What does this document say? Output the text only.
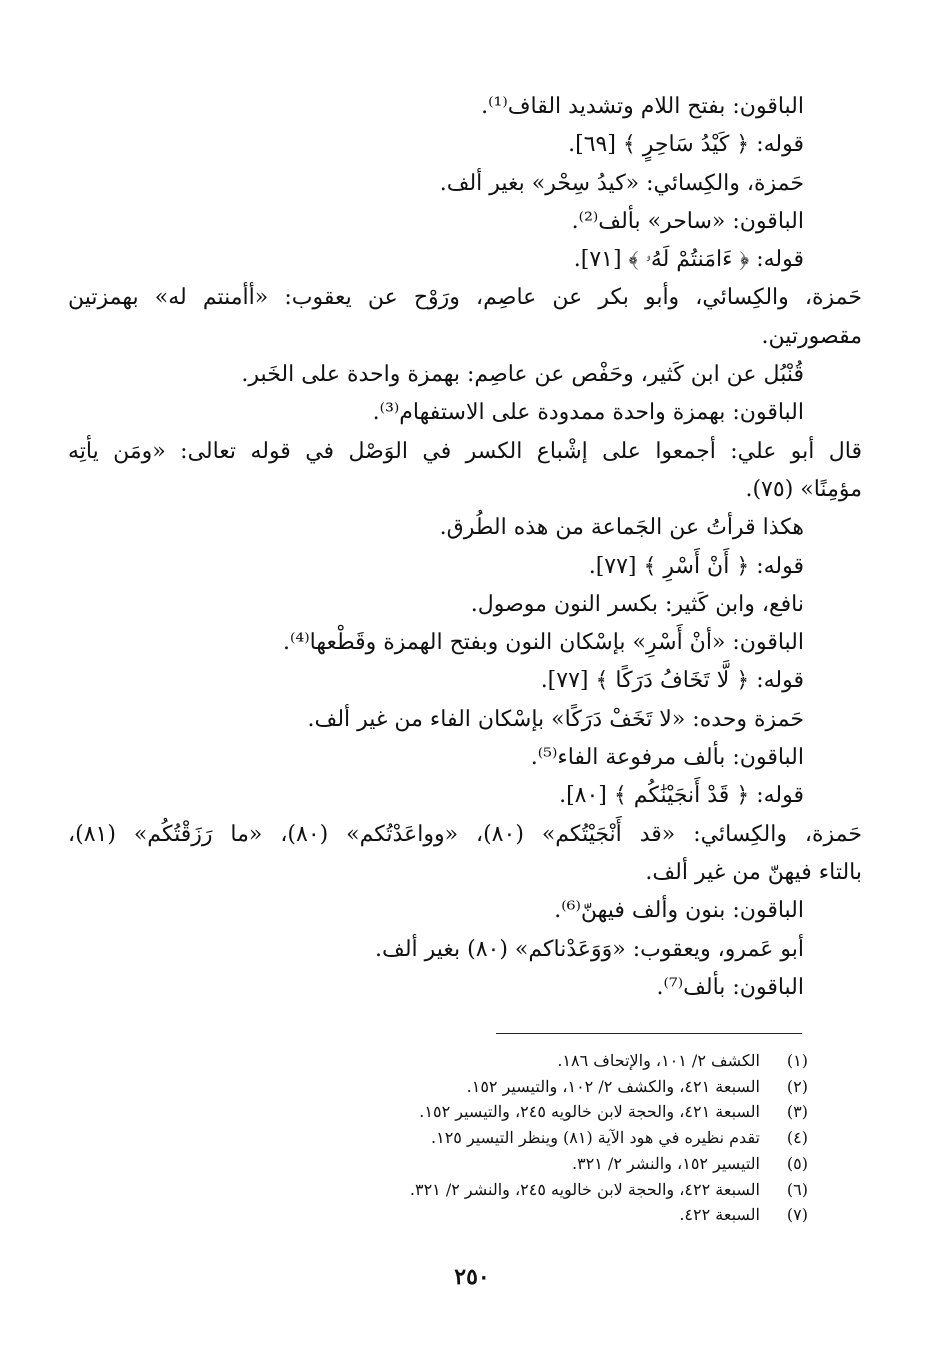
الباقون: بفتح اللام وتشديد القاف⁽¹⁾.

قوله: ﴿ كَيْدُ سَاحِرٍ ﴾ [٦٩].

حَمزة، والكِسائي: «كيدُ سِحْر» بغير ألف.

الباقون: «ساحر» بألف⁽²⁾.

قوله: ﴿ ءَامَنتُمْ لَهُۥ ﴾ [٧١].

حَمزة، والكِسائي، وأبو بكر عن عاصِم، ورَوْح عن يعقوب: «أأمنتم له» بهمزتين

مقصورتين.

قُنْبُل عن ابن كَثير، وحَفْص عن عاصِم: بهمزة واحدة على الخَبر.

الباقون: بهمزة واحدة ممدودة على الاستفهام⁽³⁾.

قال أبو علي: أجمعوا على إشْباع الكسر في الوَصْل في قوله تعالى: «ومَن يأتِه

مؤمِنًا» (٧٥).

هكذا قرأتُ عن الجَماعة من هذه الطُرق.

قوله: ﴿ أَنْ أَسْرِ ﴾ [٧٧].

نافع، وابن كَثير: بكسر النون موصول.

الباقون: «أنْ أَسْرِ» بإسْكان النون وبفتح الهمزة وقَطْعها⁽⁴⁾.

قوله: ﴿ لَّا تَخَافُ دَرَكًا ﴾ [٧٧].

حَمزة وحده: «لا تَخَفْ دَرَكًا» بإسْكان الفاء من غير ألف.

الباقون: بألف مرفوعة الفاء⁽⁵⁾.

قوله: ﴿ قَدْ أَنجَيْنَٰكُم ﴾ [٨٠].

حَمزة، والكِسائي: «قد أَنْجَيْتُكم» (٨٠)، «وواعَدْتُكم» (٨٠)، «ما رَزَقْتُكُم» (٨١)،

بالتاء فيهنّ من غير ألف.

الباقون: بنون وألف فيهنّ⁽⁶⁾.

أبو عَمرو، ويعقوب: «وَوَعَدْناكم» (٨٠) بغير ألف.

الباقون: بألف⁽⁷⁾.

(١)
الكشف ٢/ ١٠١، والإتحاف ١٨٦.
(٢)
السبعة ٤٢١، والكشف ٢/ ١٠٢، والتيسير ١٥٢.
(٣)
السبعة ٤٢١، والحجة لابن خالويه ٢٤٥، والتيسير ١٥٢.
(٤)
تقدم نظيره في هود الآية (٨١) وينظر التيسير ١٢٥.
(٥)
التيسير ١٥٢، والنشر ٢/ ٣٢١.
(٦)
السبعة ٤٢٢، والحجة لابن خالويه ٢٤٥، والنشر ٢/ ٣٢١.
(٧)
السبعة ٤٢٢.
٢٥٠
